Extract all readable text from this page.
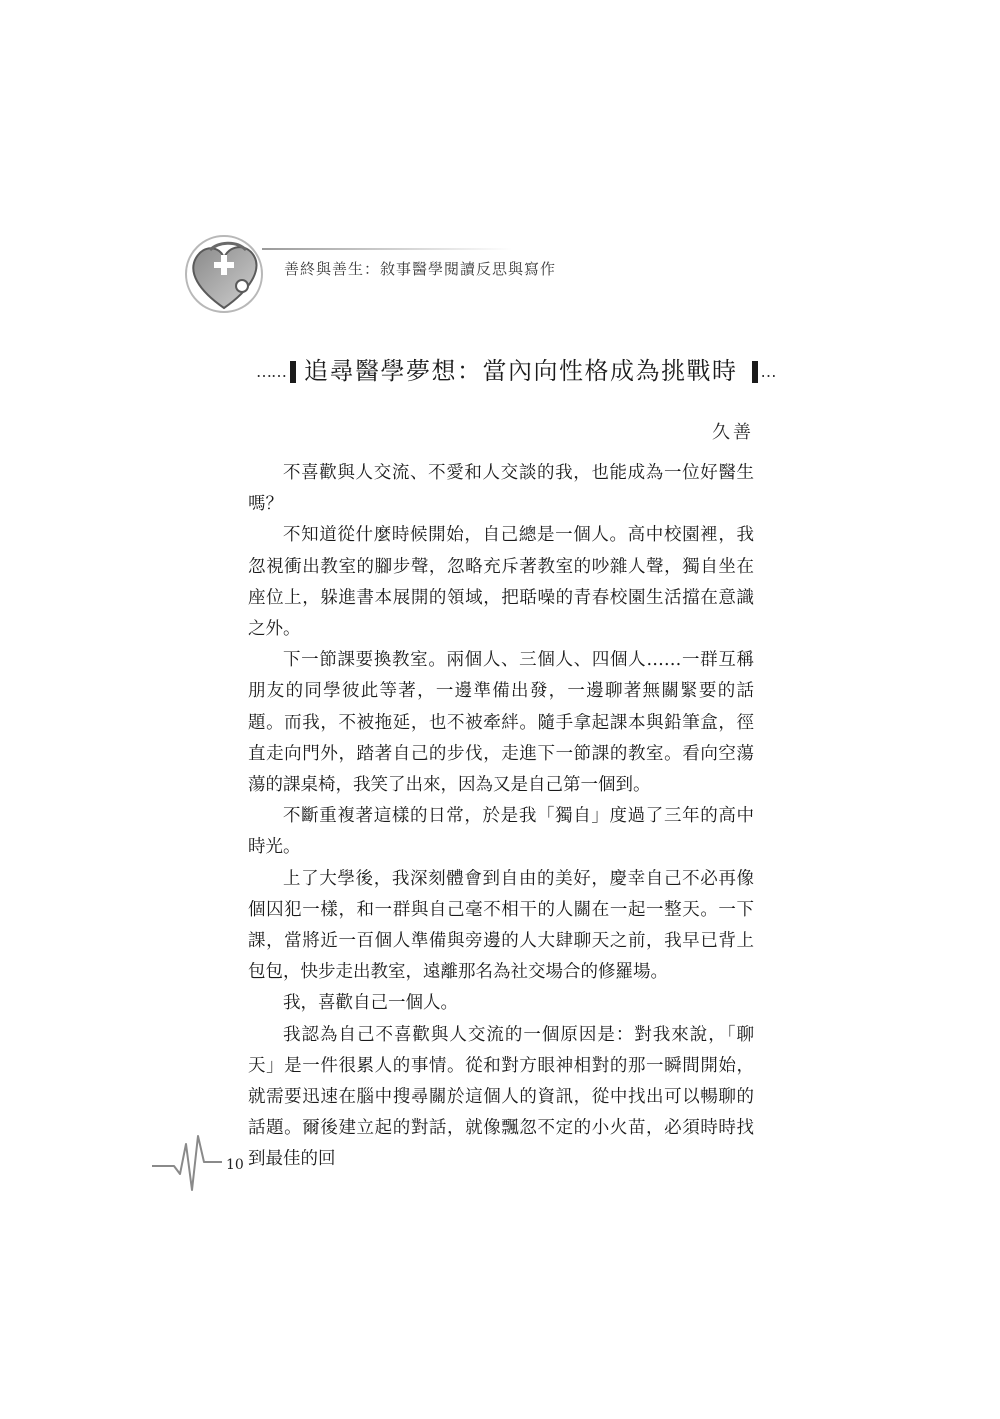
善終與善生：敘事醫學閱讀反思與寫作
…… 追尋醫學夢想：當內向性格成為挑戰時 …
久善

不喜歡與人交流、不愛和人交談的我，也能成為一位好醫生嗎？

不知道從什麼時候開始，自己總是一個人。高中校園裡，我忽視衝出教室的腳步聲，忽略充斥著教室的吵雜人聲，獨自坐在座位上，躲進書本展開的領域，把聒噪的青春校園生活擋在意識之外。

下一節課要換教室。兩個人、三個人、四個人……一群互稱朋友的同學彼此等著，一邊準備出發，一邊聊著無關緊要的話題。而我，不被拖延，也不被牽絆。隨手拿起課本與鉛筆盒，徑直走向門外，踏著自己的步伐，走進下一節課的教室。看向空蕩蕩的課桌椅，我笑了出來，因為又是自己第一個到。

不斷重複著這樣的日常，於是我「獨自」度過了三年的高中時光。

上了大學後，我深刻體會到自由的美好，慶幸自己不必再像個囚犯一樣，和一群與自己毫不相干的人關在一起一整天。一下課，當將近一百個人準備與旁邊的人大肆聊天之前，我早已背上包包，快步走出教室，遠離那名為社交場合的修羅場。

我，喜歡自己一個人。

我認為自己不喜歡與人交流的一個原因是：對我來說，「聊天」是一件很累人的事情。從和對方眼神相對的那一瞬間開始，就需要迅速在腦中搜尋關於這個人的資訊，從中找出可以暢聊的話題。爾後建立起的對話，就像飄忽不定的小火苗，必須時時找到最佳的回

10
